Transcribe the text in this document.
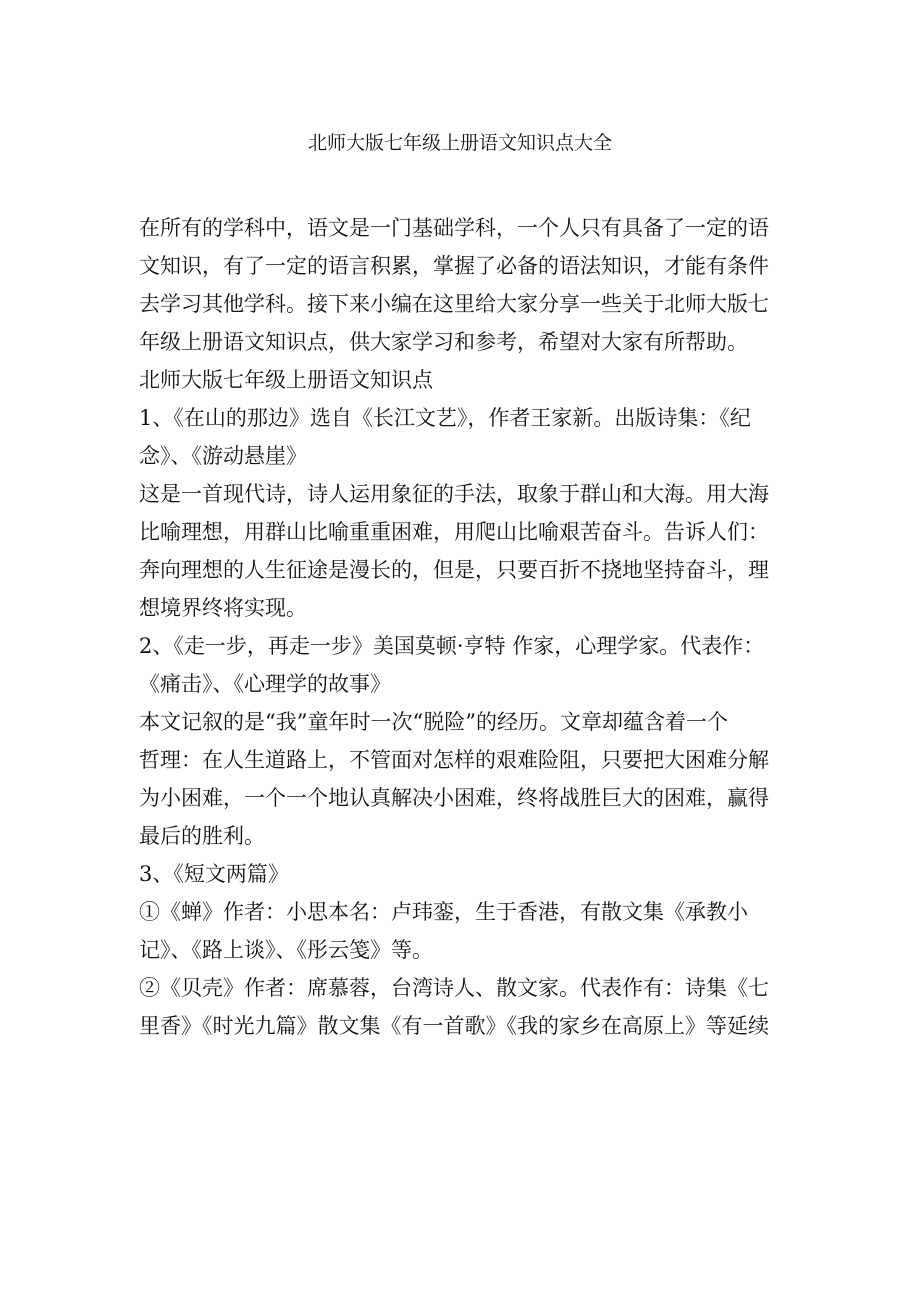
北师大版七年级上册语文知识点大全
在所有的学科中，语文是一门基础学科，一个人只有具备了一定的语
文知识，有了一定的语言积累，掌握了必备的语法知识，才能有条件
去学习其他学科。接下来小编在这里给大家分享一些关于北师大版七
年级上册语文知识点，供大家学习和参考，希望对大家有所帮助。
北师大版七年级上册语文知识点
1、《在山的那边》选自《长江文艺》，作者王家新。出版诗集：《纪
念》、《游动悬崖》
这是一首现代诗，诗人运用象征的手法，取象于群山和大海。用大海
比喻理想，用群山比喻重重困难，用爬山比喻艰苦奋斗。告诉人们：
奔向理想的人生征途是漫长的，但是，只要百折不挠地坚持奋斗，理
想境界终将实现。
2、《走一步，再走一步》美国莫顿·亨特 作家，心理学家。代表作：
《痛击》、《心理学的故事》
本文记叙的是“我”童年时一次“脱险”的经历。文章却蕴含着一个
哲理：在人生道路上，不管面对怎样的艰难险阻，只要把大困难分解
为小困难，一个一个地认真解决小困难，终将战胜巨大的困难，赢得
最后的胜利。
3、《短文两篇》
①《蝉》作者：小思本名：卢玮銮，生于香港，有散文集《承教小
记》、《路上谈》、《彤云笺》等。
②《贝壳》作者：席慕蓉，台湾诗人、散文家。代表作有：诗集《七
里香》《时光九篇》散文集《有一首歌》《我的家乡在高原上》等延续
